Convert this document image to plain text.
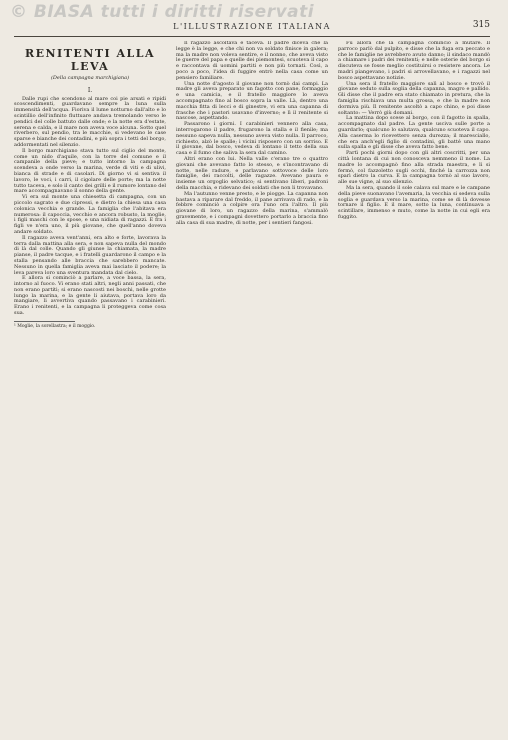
© BIASA tutti i diritti riservati
L'ILLUSTRAZIONE ITALIANA	315
RENITENTI ALLA LEVA
(Della campagna marchigiana)
I.

Dalle rupi che scendono al mare coi pie arsati e ripidi scoscendimenti, guardavano sempre la luna sulla immensità dell'acqua. Fioriva il lume notturno dall'alto e lo scintillio dell'infinito fluttuare andava tremolando verso le pendici del colle battuto dalle onde; e la notte era d'estate, serena e calda, e il mare non aveva voce alcuna. Sotto quel riverbero, sul pendio, tra le macchie, si vedevano le case sparse e bianche dei contadini, e più sopra i tetti del borgo, addormentati nel silenzio.

Il borgo marchigiano stava tutto sul ciglio del monte, come un nido d'aquile, con la torre del comune e il campanile della pieve; e tutto intorno la campagna scendeva a onde verso la marina, verde di viti e di ulivi, bianca di strade e di casolari. Di giorno vi si sentiva il lavoro, le voci, i carri, il cigolare delle porte; ma la notte tutto taceva, e solo il canto dei grilli e il rumore lontano del mare accompagnavano il sonno della gente.

Vi era sul monte una chiesetta di campagna, con un piccolo sagrato e due cipressi, e dietro la chiesa una casa colonica vecchia e grande. La famiglia che l'abitava era numerosa: il capoccia, vecchio e ancora robusto, la moglie, i figli maschi con le spose, e una nidiata di ragazzi. E fra i figli ve n'era uno, il più giovane, che quell'anno doveva andare soldato.

Il ragazzo aveva vent'anni, era alto e forte, lavorava la terra dalla mattina alla sera, e non sapeva nulla del mondo di là dal colle. Quando gli giunse la chiamata, la madre pianse, il padre tacque, e i fratelli guardarono il campo e la stalla pensando alle braccia che sarebbero mancate. Nessuno in quella famiglia aveva mai lasciato il podere; la leva pareva loro una sventura mandata dal cielo.

E allora si cominciò a parlare, a voce bassa, la sera, intorno al fuoco. Vi erano stati altri, negli anni passati, che non erano partiti; si erano nascosti nei boschi, nelle grotte lungo la marina, e la gente li aiutava, portava loro da mangiare, li avvertiva quando passavano i carabinieri. Erano i renitenti, e la campagna li proteggeva come cosa sua.

¹ Moglie, la sorellastra; e il moggio.

Il ragazzo ascoltava e taceva. Il padre diceva che la legge è la legge, e che chi non va soldato finisce in galera; ma la madre non voleva sentire, e il nonno, che aveva visto le guerre del papa e quelle dei piemontesi, scuoteva il capo e raccontava di uomini partiti e non più tornati. Così, a poco a poco, l'idea di fuggire entrò nella casa come un pensiero familiare.

Una notte d'agosto il giovane non tornò dai campi. La madre gli aveva preparato un fagotto con pane, formaggio e una camicia, e il fratello maggiore lo aveva accompagnato fino al bosco sopra la valle. Là, dentro una macchia fitta di lecci e di ginestre, vi era una capanna di frasche che i pastori usavano d'inverno; e lì il renitente si nascose, aspettando.

Passarono i giorni. I carabinieri vennero alla casa, interrogarono il padre, frugarono la stalla e il fienile; ma nessuno sapeva nulla, nessuno aveva visto nulla. Il parroco, richiesto, alzò le spalle; i vicini risposero con un sorriso. E il giovane, dal bosco, vedeva di lontano il tetto della sua casa e il fumo che saliva la sera dal camino.

Altri erano con lui. Nella valle c'erano tre o quattro giovani che avevano fatto lo stesso, e s'incontravano di notte, nelle radure, e parlavano sottovoce delle loro famiglie, dei raccolti, delle ragazze. Avevano paura e insieme un orgoglio selvatico; si sentivano liberi, padroni della macchia, e ridevano dei soldati che non li trovavano.

Ma l'autunno venne presto, e le piogge. La capanna non bastava a riparare dal freddo, il pane arrivava di rado, e la febbre cominciò a colpire ora l'uno ora l'altro. Il più giovane di loro, un ragazzo della marina, s'ammalò gravemente, e i compagni dovettero portarlo a braccia fino alla casa di sua madre, di notte, per i sentieri fangosi.

Fu allora che la campagna cominciò a mutare. Il parroco parlò dal pulpito, e disse che la fuga era peccato e che le famiglie ne avrebbero avuto danno; il sindaco mandò a chiamare i padri dei renitenti; e nelle osterie del borgo si discuteva se fosse meglio costituirsi o resistere ancora. Le madri piangevano, i padri si arrovellavano, e i ragazzi nel bosco aspettavano notizie.

Una sera il fratello maggiore salì al bosco e trovò il giovane seduto sulla soglia della capanna, magro e pallido. Gli disse che il padre era stato chiamato in pretura, che la famiglia rischiava una multa grossa, e che la madre non dormiva più. Il renitente ascoltò a capo chino, e poi disse soltanto: — Verrò giù domani.

La mattina dopo scese al borgo, con il fagotto in spalla, accompagnato dal padre. La gente usciva sulle porte a guardarlo; qualcuno lo salutava, qualcuno scuoteva il capo. Alla caserma lo ricevettero senza durezza; il maresciallo, che era anch'egli figlio di contadini, gli batté una mano sulla spalla e gli disse che aveva fatto bene.

Partì pochi giorni dopo con gli altri coscritti, per una città lontana di cui non conosceva nemmeno il nome. La madre lo accompagnò fino alla strada maestra, e lì si fermò, col fazzoletto sugli occhi, finché la carrozza non sparì dietro la curva. E la campagna tornò al suo lavoro, alle sue vigne, al suo silenzio.

Ma la sera, quando il sole calava sul mare e le campane della pieve suonavano l'avemaria, la vecchia si sedeva sulla soglia e guardava verso la marina, come se di là dovesse tornare il figlio. E il mare, sotto la luna, continuava a scintillare, immenso e muto, come la notte in cui egli era fuggito.
